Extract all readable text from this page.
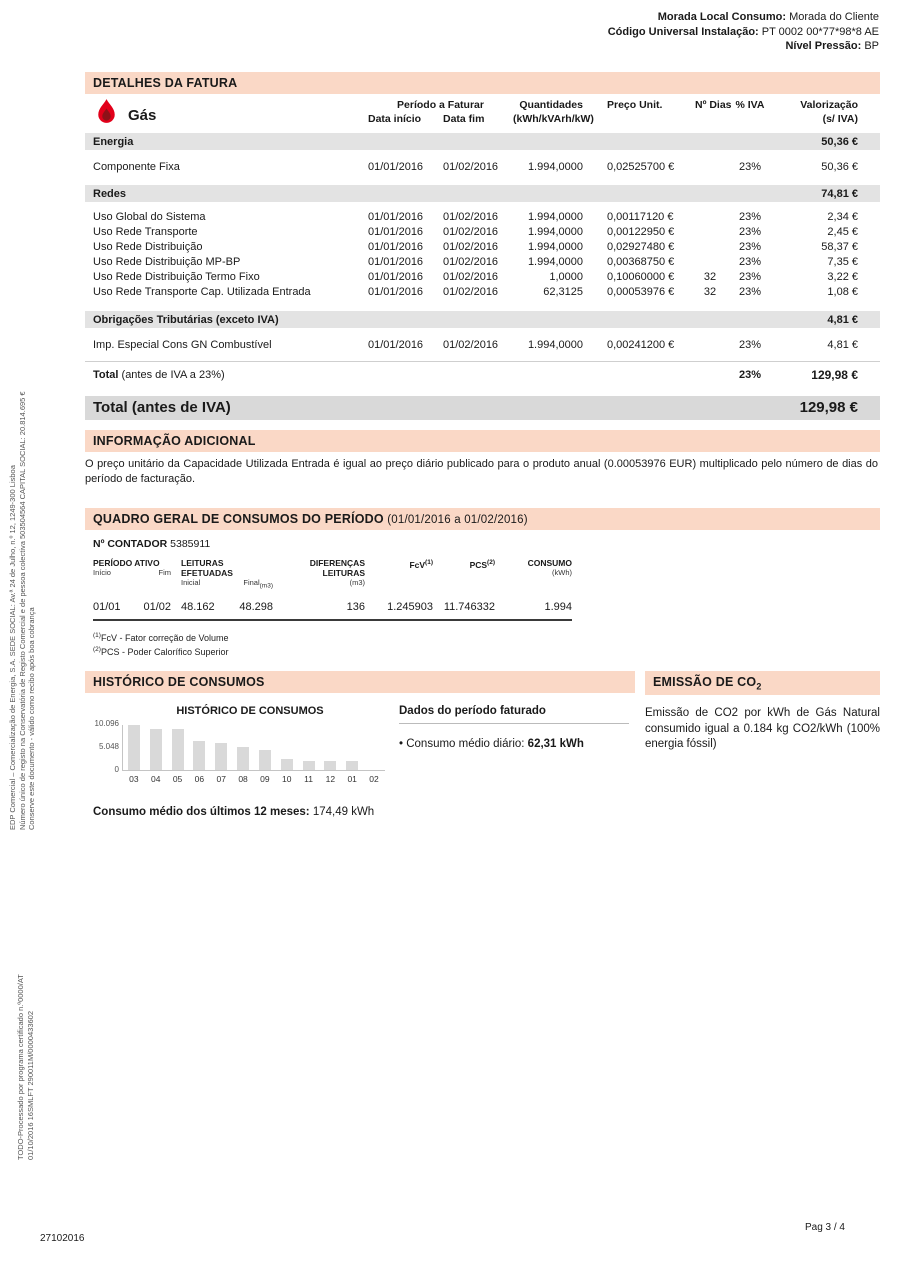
Morada Local Consumo: Morada do Cliente
Código Universal Instalação: PT 0002 00*77*98*8 AE
Nível Pressão: BP
EDP Comercial – Comercialização de Energia, S.A. SEDE SOCIAL: Av.ª 24 de Julho, n.º 12, 1249-300 Lisboa Número único de registo na Conservatória de Registo Comercial e de pessoa colectiva 503504564 CAPITAL SOCIAL: 20.814.695 € Conserve este documento - válido como recibo após boa cobrança
TODO-Processado por programa certificado n.º0000/AT 01/10/2016 16SMLFT 290011M/0000433602
DETALHES DA FATURA
Gás
Período a Faturar	Quantidades	Preço Unit.	Nº Dias % IVA	Valorização
Data início	Data fim	(kWh/kVArh/kW)	(s/ IVA)
Energia	50,36 €
Componente Fixa	01/01/2016	01/02/2016	1.994,0000	0,02525700 €	23%	50,36 €
Redes	74,81 €
Uso Global do Sistema	01/01/2016	01/02/2016	1.994,0000	0,00117120 €	23%	2,34 €
Uso Rede Transporte	01/01/2016	01/02/2016	1.994,0000	0,00122950 €	23%	2,45 €
Uso Rede Distribuição	01/01/2016	01/02/2016	1.994,0000	0,02927480 €	23%	58,37 €
Uso Rede Distribuição MP-BP	01/01/2016	01/02/2016	1.994,0000	0,00368750 €	23%	7,35 €
Uso Rede Distribuição Termo Fixo	01/01/2016	01/02/2016	1,0000	0,10060000 €	32	23%	3,22 €
Uso Rede Transporte Cap. Utilizada Entrada	01/01/2016	01/02/2016	62,3125	0,00053976 €	32	23%	1,08 €
Obrigações Tributárias (exceto IVA)	4,81 €
Imp. Especial Cons GN Combustível	01/01/2016	01/02/2016	1.994,0000	0,00241200 €	23%	4,81 €
Total (antes de IVA a 23%)	23%	129,98 €
Total (antes de IVA)	129,98 €
INFORMAÇÃO ADICIONAL
O preço unitário da Capacidade Utilizada Entrada é igual ao preço diário publicado para o produto anual (0.00053976 EUR) multiplicado pelo número de dias do período de facturação.
QUADRO GERAL DE CONSUMOS DO PERÍODO (01/01/2016 a 01/02/2016)
Nº CONTADOR 5385911
PERÍODO ATIVO
Início	Fim
LEITURAS EFETUADAS
Inicial	Final$_{(m3)}$
DIFERENÇAS LEITURAS
(m3)
FcV$^{(1)}$	PCS$^{(2)}$	CONSUMO
(kWh)
01/01 01/02 48.162 48.298	136	1.245903 11.746332	1.994
$^{(1)}$FcV - Fator correção de Volume
$^{(2)}$PCS - Poder Calorífico Superior
HISTÓRICO DE CONSUMOS
HISTÓRICO DE CONSUMOS
0
5.048
10.096
03	04	05	06	07	08	09	10	11	12	01	02
Dados do período faturado
• Consumo médio diário: 62,31 kWh
Consumo médio dos últimos 12 meses: 174,49 kWh
EMISSÃO DE $CO_2$
Emissão de CO2 por kWh de Gás Natural consumido igual a 0.184 kg CO2/kWh (100% energia fóssil)
Pag 3 / 4
27102016
